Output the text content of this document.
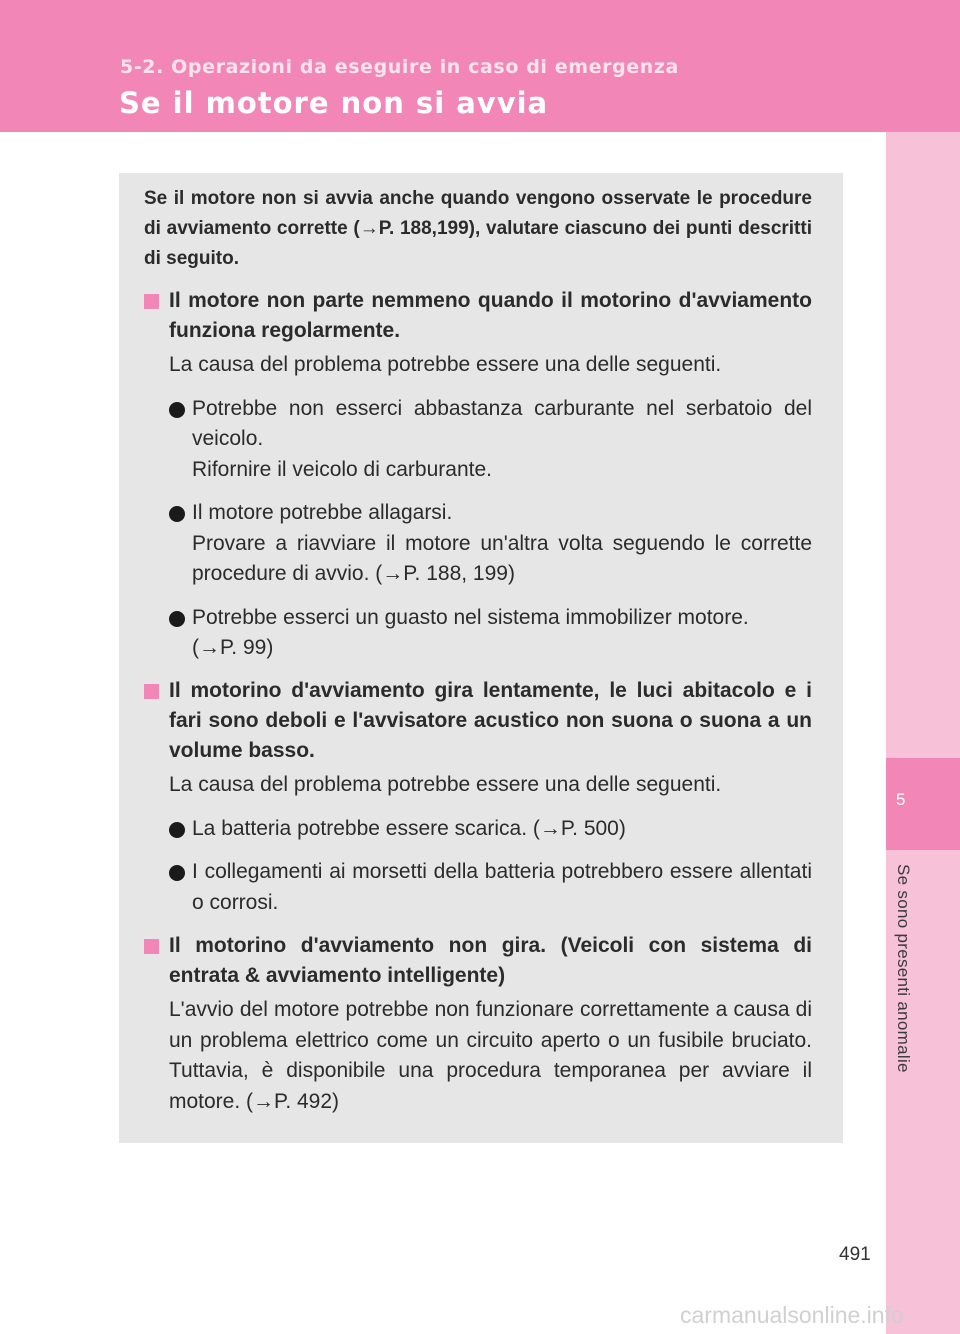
5-2. Operazioni da eseguire in caso di emergenza
Se il motore non si avvia
5
Se sono presenti anomalie
Se il motore non si avvia anche quando vengono osservate le procedure di avviamento corrette (→P. 188,199), valutare ciascuno dei punti descritti di seguito.
Il motore non parte nemmeno quando il motorino d'avviamento funziona regolarmente.
La causa del problema potrebbe essere una delle seguenti.
Potrebbe non esserci abbastanza carburante nel serbatoio del veicolo.
Rifornire il veicolo di carburante.
Il motore potrebbe allagarsi.
Provare a riavviare il motore un'altra volta seguendo le corrette procedure di avvio. (→P. 188, 199)
Potrebbe esserci un guasto nel sistema immobilizer motore.
(→P. 99)
Il motorino d'avviamento gira lentamente, le luci abitacolo e i fari sono deboli e l'avvisatore acustico non suona o suona a un volume basso.
La causa del problema potrebbe essere una delle seguenti.
La batteria potrebbe essere scarica. (→P. 500)
I collegamenti ai morsetti della batteria potrebbero essere allentati o corrosi.
Il motorino d'avviamento non gira. (Veicoli con sistema di entrata & avviamento intelligente)
L'avvio del motore potrebbe non funzionare correttamente a causa di un problema elettrico come un circuito aperto o un fusibile bruciato. Tuttavia, è disponibile una procedura temporanea per avviare il motore. (→P. 492)
491
carmanualsonline.info
